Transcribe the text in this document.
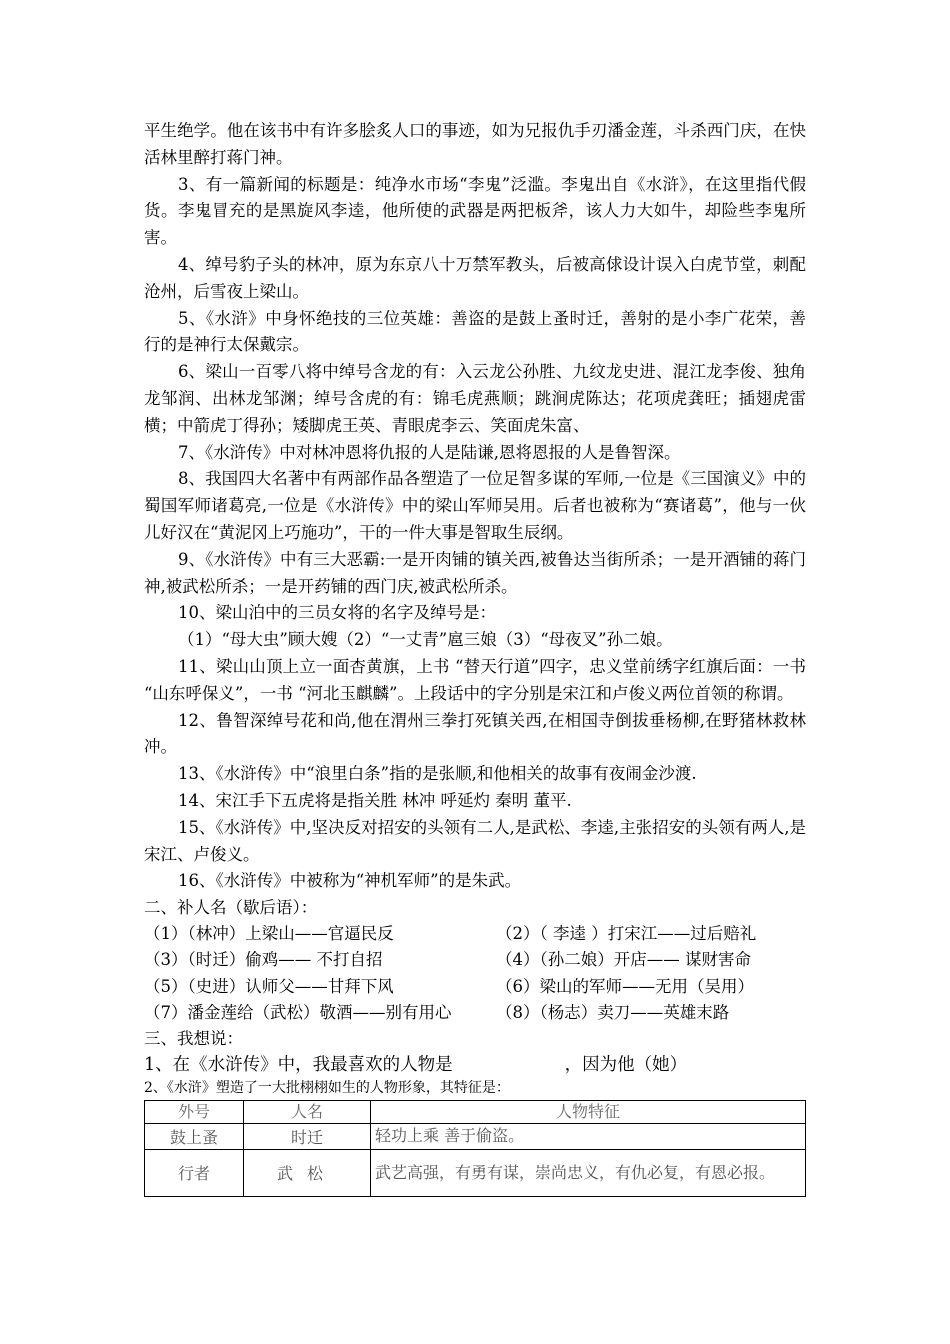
平生绝学。他在该书中有许多脍炙人口的事迹，如为兄报仇手刃潘金莲，斗杀西门庆，在快活林里醉打蒋门神。

3、有一篇新闻的标题是：纯净水市场“李鬼”泛滥。李鬼出自《水浒》，在这里指代假货。李鬼冒充的是黑旋风李逵，他所使的武器是两把板斧，该人力大如牛，却险些李鬼所害。

4、绰号豹子头的林冲，原为东京八十万禁军教头，后被高俅设计误入白虎节堂，刺配沧州，后雪夜上梁山。

5、《水浒》中身怀绝技的三位英雄：善盗的是鼓上蚤时迁，善射的是小李广花荣，善行的是神行太保戴宗。

6、梁山一百零八将中绰号含龙的有：入云龙公孙胜、九纹龙史进、混江龙李俊、独角龙邹润、出林龙邹渊；绰号含虎的有：锦毛虎燕顺；跳涧虎陈达；花项虎龚旺；插翅虎雷横；中箭虎丁得孙；矮脚虎王英、青眼虎李云、笑面虎朱富、

7、《水浒传》中对林冲恩将仇报的人是陆谦,恩将恩报的人是鲁智深。

8、我国四大名著中有两部作品各塑造了一位足智多谋的军师,一位是《三国演义》中的蜀国军师诸葛亮,一位是《水浒传》中的梁山军师吴用。后者也被称为“赛诸葛”，他与一伙儿好汉在“黄泥冈上巧施功”，干的一件大事是智取生辰纲。

9、《水浒传》中有三大恶霸:一是开肉铺的镇关西,被鲁达当街所杀；一是开酒铺的蒋门神,被武松所杀；一是开药铺的西门庆,被武松所杀。

10、梁山泊中的三员女将的名字及绰号是：

（1）“母大虫”顾大嫂（2）“一丈青”扈三娘（3）“母夜叉”孙二娘。

11、梁山山顶上立一面杏黄旗，上书 “替天行道”四字，忠义堂前绣字红旗后面：一书 “山东呼保义”，一书 “河北玉麒麟”。上段话中的字分别是宋江和卢俊义两位首领的称谓。

12、鲁智深绰号花和尚,他在渭州三拳打死镇关西,在相国寺倒拔垂杨柳,在野猪林救林冲。

13、《水浒传》中“浪里白条”指的是张顺,和他相关的故事有夜闹金沙渡.

14、宋江手下五虎将是指关胜 林冲 呼延灼 秦明 董平.

15、《水浒传》中,坚决反对招安的头领有二人,是武松、李逵,主张招安的头领有两人,是宋江、卢俊义。

16、《水浒传》中被称为“神机军师”的是朱武。

二、补人名（歇后语）：

（1）（林冲）上梁山——官逼民反	（2）（ 李逵 ）打宋江——过后赔礼
（3）（时迁）偷鸡—— 不打自招	（4）（孙二娘）开店—— 谋财害命
（5）（史进）认师父——甘拜下风	（6）梁山的军师——无用（吴用）
（7）潘金莲给（武松）敬酒——别有用心	（8）（杨志）卖刀——英雄末路

三、我想说：

1、在《水浒传》中，我最喜欢的人物是	，因为他（她）

2、《水浒》塑造了一大批栩栩如生的人物形象，其特征是：

外号	人名	人物特征
鼓上蚤	时迁	轻功上乘 善于偷盗。
行者	武松	武艺高强，有勇有谋，崇尚忠义，有仇必复，有恩必报。
